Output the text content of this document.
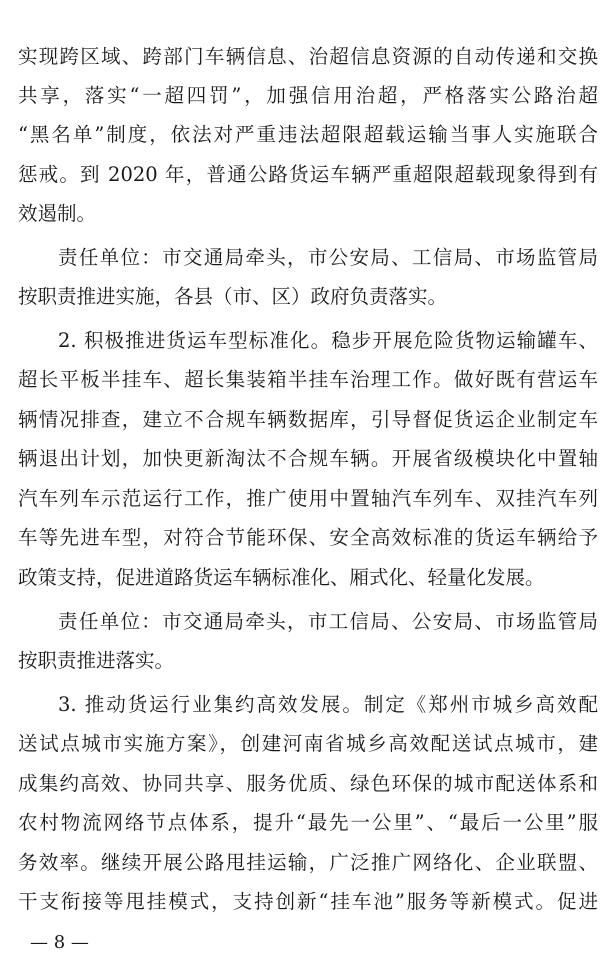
实现跨区域、跨部门车辆信息、治超信息资源的自动传递和交换
共享，落实“一超四罚”，加强信用治超，严格落实公路治超
“黑名单”制度，依法对严重违法超限超载运输当事人实施联合
惩戒。到 2020 年，普通公路货运车辆严重超限超载现象得到有
效遏制。
责任单位：市交通局牵头，市公安局、工信局、市场监管局
按职责推进实施，各县（市、区）政府负责落实。
2. 积极推进货运车型标准化。稳步开展危险货物运输罐车、
超长平板半挂车、超长集装箱半挂车治理工作。做好既有营运车
辆情况排查，建立不合规车辆数据库，引导督促货运企业制定车
辆退出计划，加快更新淘汰不合规车辆。开展省级模块化中置轴
汽车列车示范运行工作，推广使用中置轴汽车列车、双挂汽车列
车等先进车型，对符合节能环保、安全高效标准的货运车辆给予
政策支持，促进道路货运车辆标准化、厢式化、轻量化发展。
责任单位：市交通局牵头，市工信局、公安局、市场监管局
按职责推进落实。
3. 推动货运行业集约高效发展。制定《郑州市城乡高效配
送试点城市实施方案》，创建河南省城乡高效配送试点城市，建
成集约高效、协同共享、服务优质、绿色环保的城市配送体系和
农村物流网络节点体系，提升“最先一公里”、“最后一公里”服
务效率。继续开展公路甩挂运输，广泛推广网络化、企业联盟、
干支衔接等甩挂模式，支持创新“挂车池”服务等新模式。促进
— 8 —
